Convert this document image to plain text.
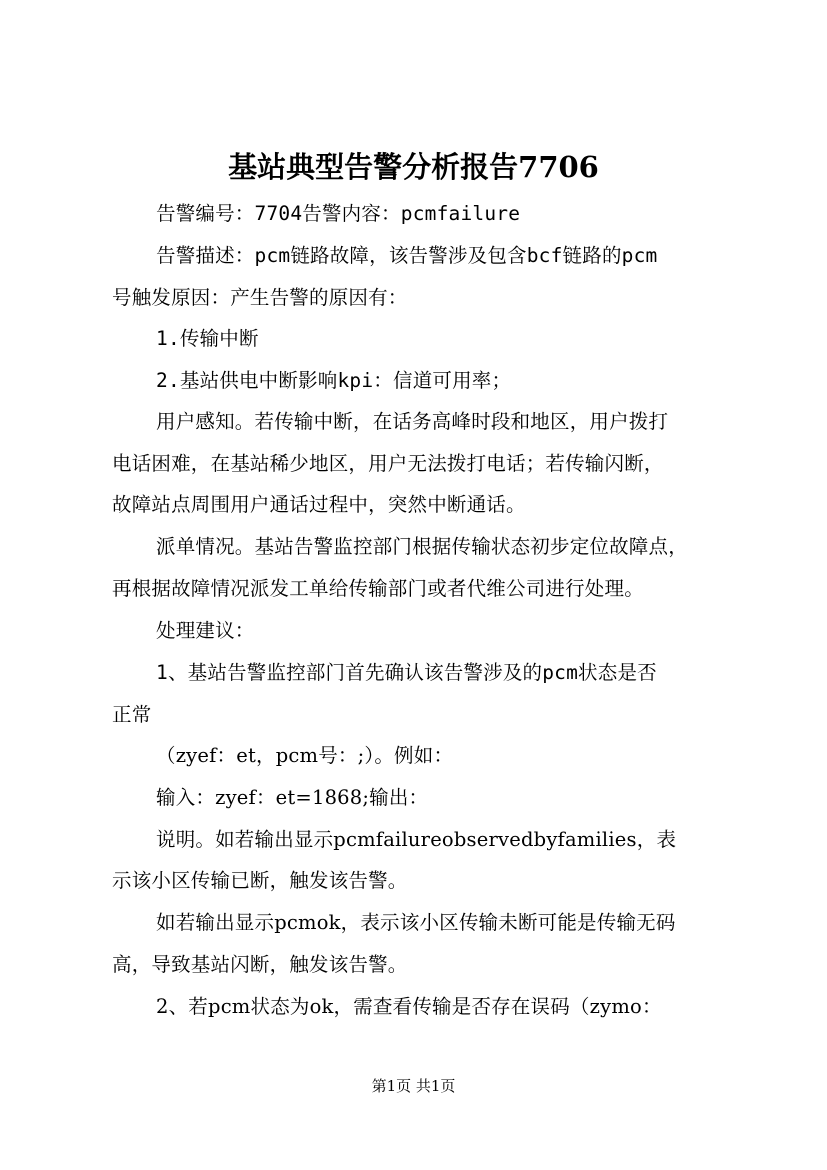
基站典型告警分析报告7706
告警编号：7704告警内容：pcmfailure
告警描述：pcm链路故障，该告警涉及包含bcf链路的pcm
号触发原因：产生告警的原因有：
1.传输中断
2.基站供电中断影响kpi：信道可用率；
用户感知。若传输中断，在话务高峰时段和地区，用户拨打
电话困难，在基站稀少地区，用户无法拨打电话；若传输闪断，
故障站点周围用户通话过程中，突然中断通话。
派单情况。基站告警监控部门根据传输状态初步定位故障点，
再根据故障情况派发工单给传输部门或者代维公司进行处理。
处理建议：
1、基站告警监控部门首先确认该告警涉及的pcm状态是否
正常
（zyef：et，pcm号：;）。例如：
输入：zyef：et=1868;输出：
说明。如若输出显示pcmfailureobservedbyfamilies，表
示该小区传输已断，触发该告警。
如若输出显示pcmok，表示该小区传输未断可能是传输无码
高，导致基站闪断，触发该告警。
2、若pcm状态为ok，需查看传输是否存在误码（zymo：
第1页 共1页
